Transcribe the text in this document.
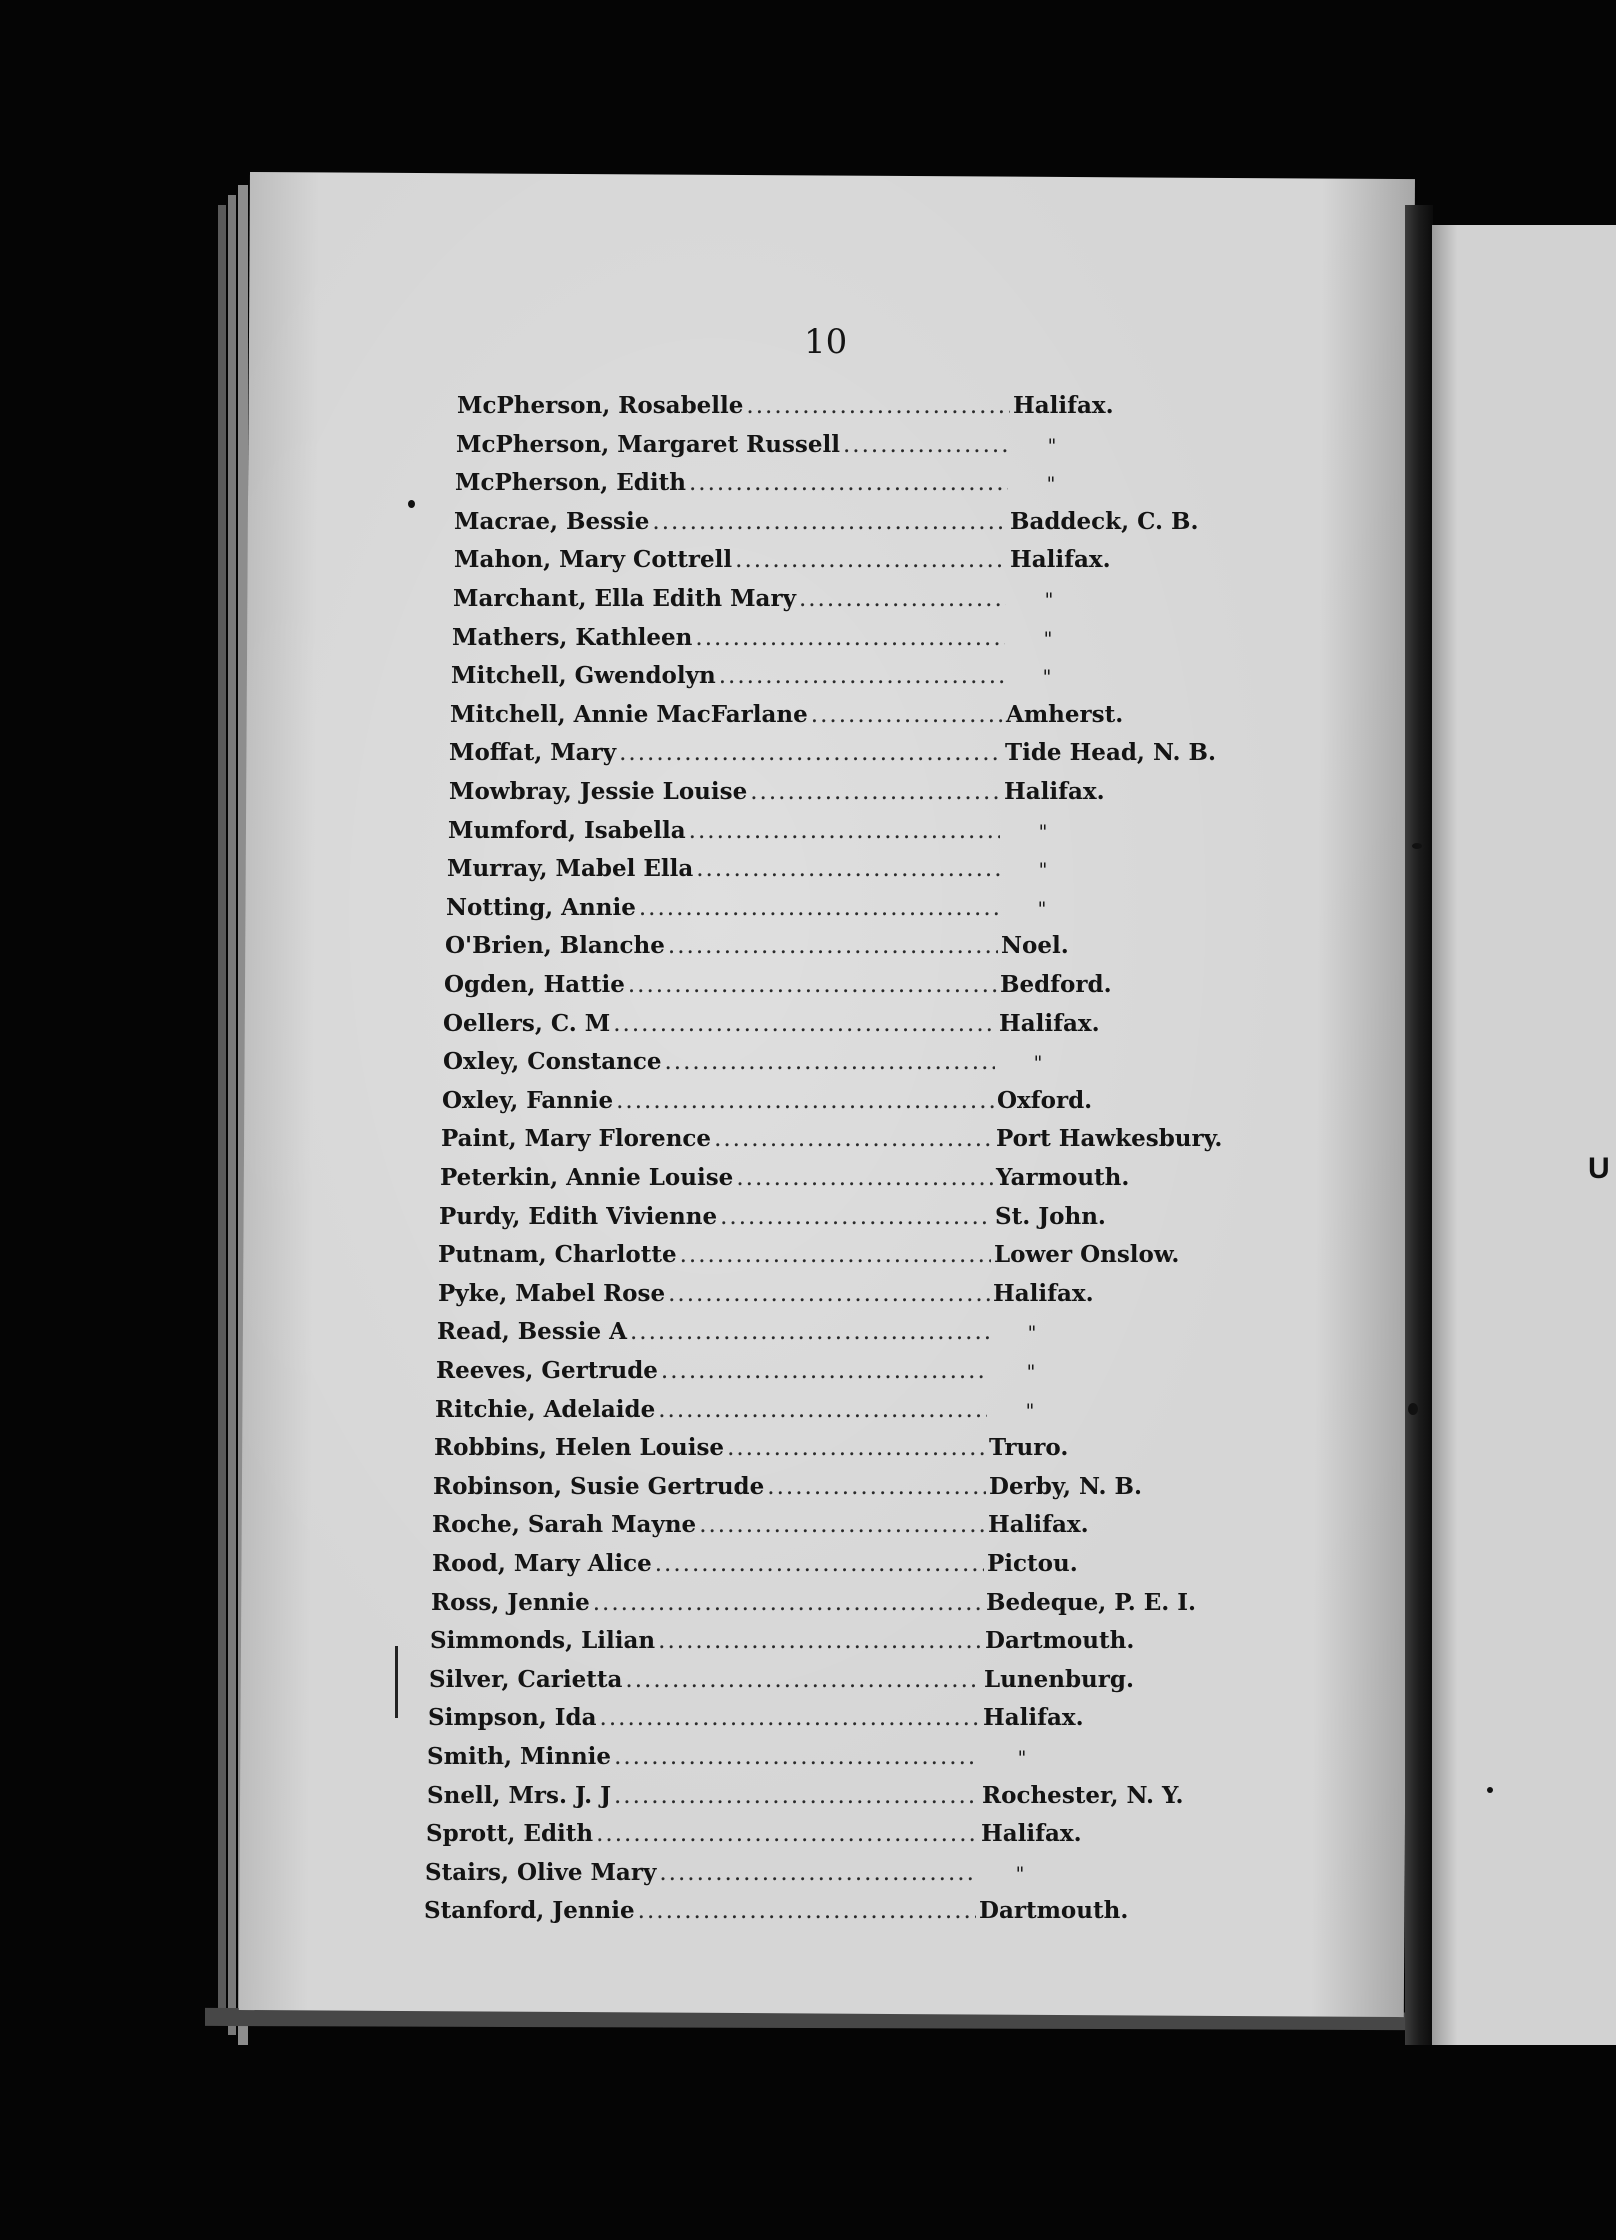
U
10
McPherson, Rosabelle .....	Halifax.
McPherson, Margaret Russell .....	"
McPherson, Edith .....	"
Macrae, Bessie .....	Baddeck, C. B.
Mahon, Mary Cottrell .....	Halifax.
Marchant, Ella Edith Mary .....	"
Mathers, Kathleen .....	"
Mitchell, Gwendolyn .....	"
Mitchell, Annie MacFarlane .....	Amherst.
Moffat, Mary .....	Tide Head, N. B.
Mowbray, Jessie Louise .....	Halifax.
Mumford, Isabella .....	"
Murray, Mabel Ella .....	"
Notting, Annie .....	"
O'Brien, Blanche .....	Noel.
Ogden, Hattie .....	Bedford.
Oellers, C. M .....	Halifax.
Oxley, Constance .....	"
Oxley, Fannie .....	Oxford.
Paint, Mary Florence .....	Port Hawkesbury.
Peterkin, Annie Louise .....	Yarmouth.
Purdy, Edith Vivienne .....	St. John.
Putnam, Charlotte .....	Lower Onslow.
Pyke, Mabel Rose .....	Halifax.
Read, Bessie A .....	"
Reeves, Gertrude .....	"
Ritchie, Adelaide .....	"
Robbins, Helen Louise .....	Truro.
Robinson, Susie Gertrude .....	Derby, N. B.
Roche, Sarah Mayne .....	Halifax.
Rood, Mary Alice .....	Pictou.
Ross, Jennie .....	Bedeque, P. E. I.
Simmonds, Lilian .....	Dartmouth.
Silver, Carietta .....	Lunenburg.
Simpson, Ida .....	Halifax.
Smith, Minnie .....	"
Snell, Mrs. J. J .....	Rochester, N. Y.
Sprott, Edith .....	Halifax.
Stairs, Olive Mary .....	"
Stanford, Jennie .....	Dartmouth.
